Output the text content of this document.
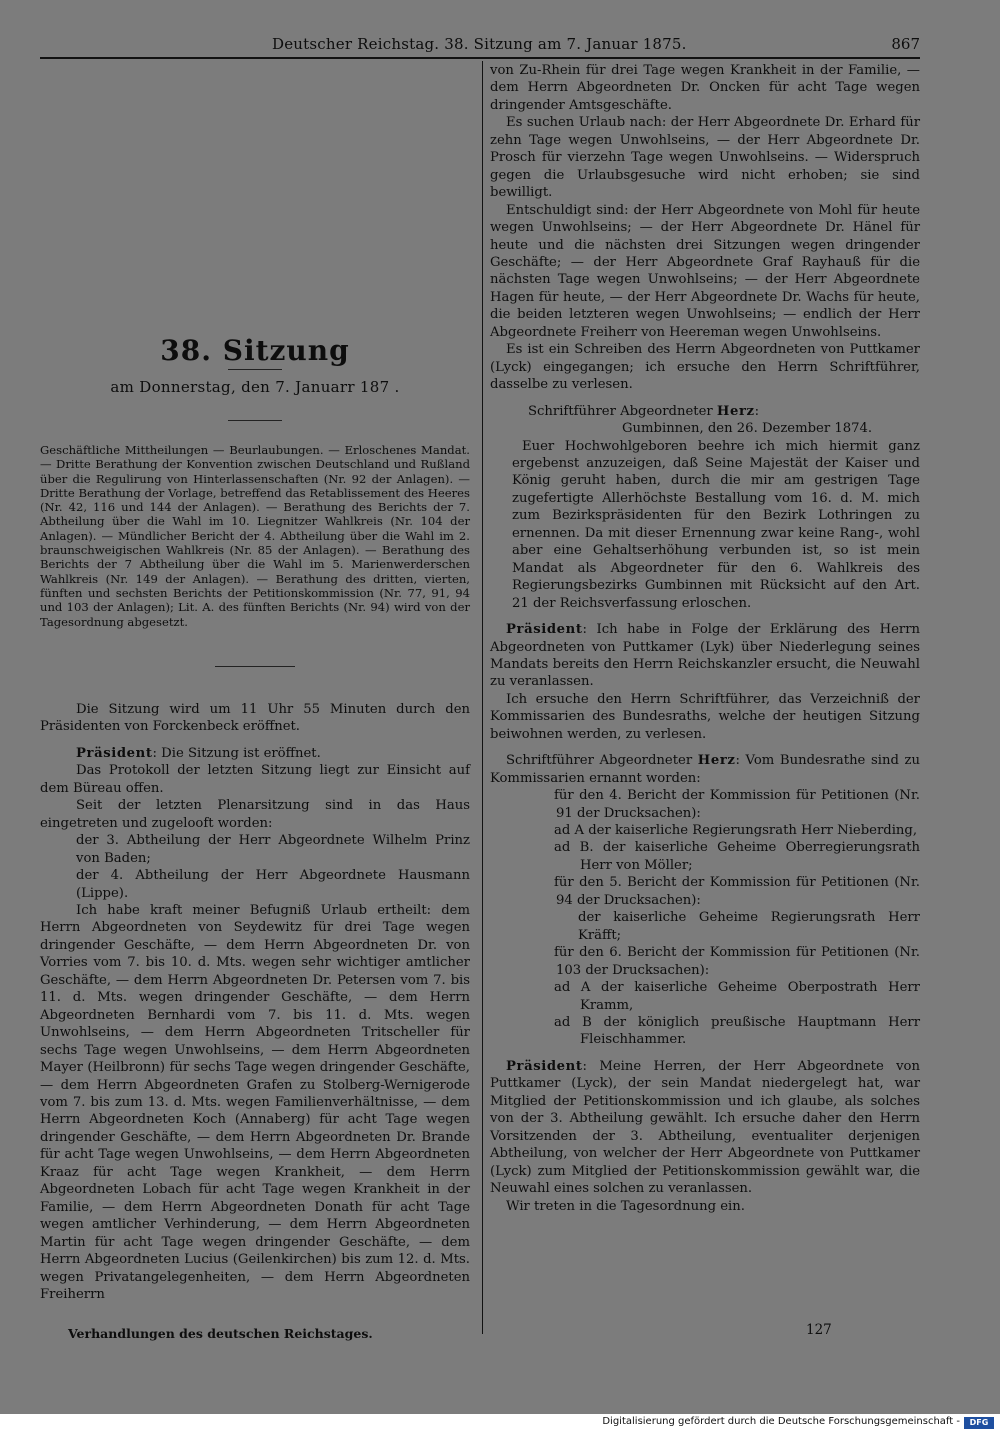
Deutscher Reichstag. 38. Sitzung am 7. Januar 1875.	867
38. Sitzung
am Donnerstag, den 7. Januarr 187 .
Geschäftliche Mittheilungen — Beurlaubungen. — Erloschenes Mandat. — Dritte Berathung der Konvention zwischen Deutschland und Rußland über die Regulirung von Hinterlassenschaften (Nr. 92 der Anlagen). — Dritte Berathung der Vorlage, betreffend das Retablissement des Heeres (Nr. 42, 116 und 144 der Anlagen). — Berathung des Berichts der 7. Abtheilung über die Wahl im 10. Liegnitzer Wahlkreis (Nr. 104 der Anlagen). — Mündlicher Bericht der 4. Abtheilung über die Wahl im 2. braunschweigischen Wahlkreis (Nr. 85 der Anlagen). — Berathung des Berichts der 7 Abtheilung über die Wahl im 5. Marienwerderschen Wahlkreis (Nr. 149 der Anlagen). — Berathung des dritten, vierten, fünften und sechsten Berichts der Petitionskommission (Nr. 77, 91, 94 und 103 der Anlagen); Lit. A. des fünften Berichts (Nr. 94) wird von der Tagesordnung abgesetzt.

Die Sitzung wird um 11 Uhr 55 Minuten durch den Präsidenten von Forckenbeck eröffnet.

Präsident: Die Sitzung ist eröffnet.

Das Protokoll der letzten Sitzung liegt zur Einsicht auf dem Büreau offen.

Seit der letzten Plenarsitzung sind in das Haus eingetreten und zugelooft worden:

der 3. Abtheilung der Herr Abgeordnete Wilhelm Prinz von Baden;

der 4. Abtheilung der Herr Abgeordnete Hausmann (Lippe).

Ich habe kraft meiner Befugniß Urlaub ertheilt: dem Herrn Abgeordneten von Seydewitz für drei Tage wegen dringender Geschäfte, — dem Herrn Abgeordneten Dr. von Vorries vom 7. bis 10. d. Mts. wegen sehr wichtiger amtlicher Geschäfte, — dem Herrn Abgeordneten Dr. Petersen vom 7. bis 11. d. Mts. wegen dringender Geschäfte, — dem Herrn Abgeordneten Bernhardi vom 7. bis 11. d. Mts. wegen Unwohlseins, — dem Herrn Abgeordneten Tritscheller für sechs Tage wegen Unwohlseins, — dem Herrn Abgeordneten Mayer (Heilbronn) für sechs Tage wegen dringender Geschäfte, — dem Herrn Abgeordneten Grafen zu Stolberg-Wernigerode vom 7. bis zum 13. d. Mts. wegen Familienverhältnisse, — dem Herrn Abgeordneten Koch (Annaberg) für acht Tage wegen dringender Geschäfte, — dem Herrn Abgeordneten Dr. Brande für acht Tage wegen Unwohlseins, — dem Herrn Abgeordneten Kraaz für acht Tage wegen Krankheit, — dem Herrn Abgeordneten Lobach für acht Tage wegen Krankheit in der Familie, — dem Herrn Abgeordneten Donath für acht Tage wegen amtlicher Verhinderung, — dem Herrn Abgeordneten Martin für acht Tage wegen dringender Geschäfte, — dem Herrn Abgeordneten Lucius (Geilenkirchen) bis zum 12. d. Mts. wegen Privatangelegenheiten, — dem Herrn Abgeordneten Freiherrn

von Zu-Rhein für drei Tage wegen Krankheit in der Familie, — dem Herrn Abgeordneten Dr. Oncken für acht Tage wegen dringender Amtsgeschäfte.

Es suchen Urlaub nach: der Herr Abgeordnete Dr. Erhard für zehn Tage wegen Unwohlseins, — der Herr Abgeordnete Dr. Prosch für vierzehn Tage wegen Unwohlseins. — Widerspruch gegen die Urlaubsgesuche wird nicht erhoben; sie sind bewilligt.

Entschuldigt sind: der Herr Abgeordnete von Mohl für heute wegen Unwohlseins; — der Herr Abgeordnete Dr. Hänel für heute und die nächsten drei Sitzungen wegen dringender Geschäfte; — der Herr Abgeordnete Graf Rayhauß für die nächsten Tage wegen Unwohlseins; — der Herr Abgeordnete Hagen für heute, — der Herr Abgeordnete Dr. Wachs für heute, die beiden letzteren wegen Unwohlseins; — endlich der Herr Abgeordnete Freiherr von Heereman wegen Unwohlseins.

Es ist ein Schreiben des Herrn Abgeordneten von Puttkamer (Lyck) eingegangen; ich ersuche den Herrn Schriftführer, dasselbe zu verlesen.

Schriftführer Abgeordneter Herz:

Gumbinnen, den 26. Dezember 1874.

Euer Hochwohlgeboren beehre ich mich hiermit ganz ergebenst anzuzeigen, daß Seine Majestät der Kaiser und König geruht haben, durch die mir am gestrigen Tage zugefertigte Allerhöchste Bestallung vom 16. d. M. mich zum Bezirkspräsidenten für den Bezirk Lothringen zu ernennen. Da mit dieser Ernennung zwar keine Rang-, wohl aber eine Gehaltserhöhung verbunden ist, so ist mein Mandat als Abgeordneter für den 6. Wahlkreis des Regierungsbezirks Gumbinnen mit Rücksicht auf den Art. 21 der Reichsverfassung erloschen.

Präsident: Ich habe in Folge der Erklärung des Herrn Abgeordneten von Puttkamer (Lyk) über Niederlegung seines Mandats bereits den Herrn Reichskanzler ersucht, die Neuwahl zu veranlassen.

Ich ersuche den Herrn Schriftführer, das Verzeichniß der Kommissarien des Bundesraths, welche der heutigen Sitzung beiwohnen werden, zu verlesen.

Schriftführer Abgeordneter Herz: Vom Bundesrathe sind zu Kommissarien ernannt worden:

für den 4. Bericht der Kommission für Petitionen (Nr. 91 der Drucksachen):

ad A der kaiserliche Regierungsrath Herr Nieberding,

ad B. der kaiserliche Geheime Oberregierungsrath Herr von Möller;

für den 5. Bericht der Kommission für Petitionen (Nr. 94 der Drucksachen):

der kaiserliche Geheime Regierungsrath Herr Kräfft;

für den 6. Bericht der Kommission für Petitionen (Nr. 103 der Drucksachen):

ad A der kaiserliche Geheime Oberpostrath Herr Kramm,

ad B der königlich preußische Hauptmann Herr Fleischhammer.

Präsident: Meine Herren, der Herr Abgeordnete von Puttkamer (Lyck), der sein Mandat niedergelegt hat, war Mitglied der Petitionskommission und ich glaube, als solches von der 3. Abtheilung gewählt. Ich ersuche daher den Herrn Vorsitzenden der 3. Abtheilung, eventualiter derjenigen Abtheilung, von welcher der Herr Abgeordnete von Puttkamer (Lyck) zum Mitglied der Petitionskommission gewählt war, die Neuwahl eines solchen zu veranlassen.

Wir treten in die Tagesordnung ein.

Verhandlungen des deutschen Reichstages.	127
Digitalisierung gefördert durch die Deutsche Forschungsgemeinschaft -	DFG
